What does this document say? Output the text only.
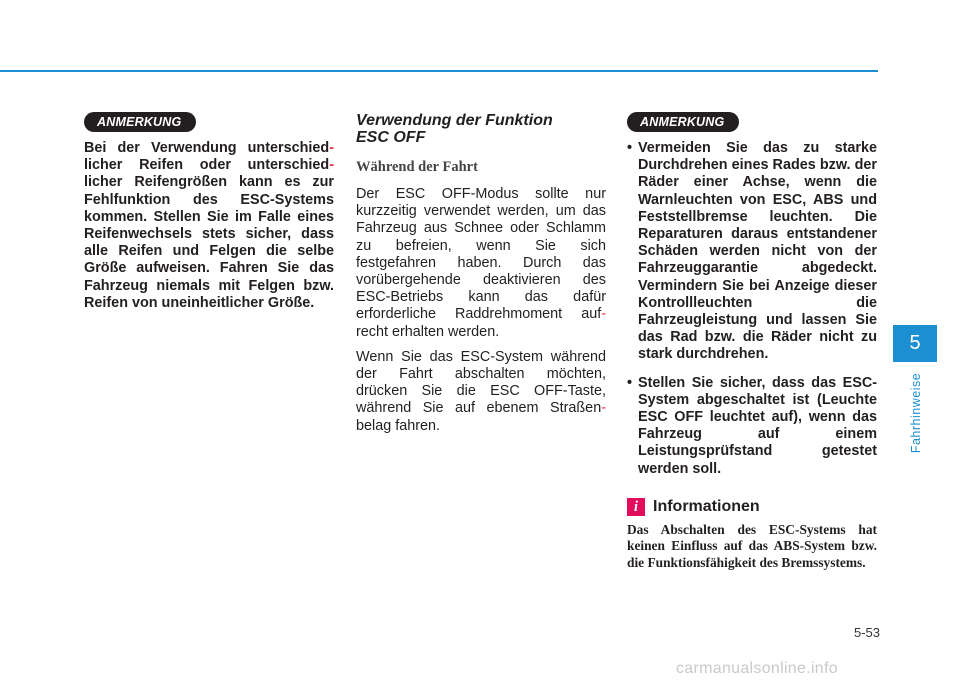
ANMERKUNG

Bei der Verwendung unterschied- licher Reifen oder unterschied- licher Reifengrößen kann es zur Fehlfunktion des ESC-Systems kommen. Stellen Sie im Falle eines Reifenwechsels stets sicher, dass alle Reifen und Felgen die selbe Größe aufweisen. Fahren Sie das Fahrzeug niemals mit Felgen bzw. Reifen von uneinheitlicher Größe.

Verwendung der Funktion
ESC OFF
Während der Fahrt

Der ESC OFF-Modus sollte nur kurzzeitig verwendet werden, um das Fahrzeug aus Schnee oder Schlamm zu befreien, wenn Sie sich festgefahren haben. Durch das vorübergehende deaktivieren des ESC-Betriebs kann das dafür erforderliche Raddrehmoment auf- recht erhalten werden.

Wenn Sie das ESC-System während der Fahrt abschalten möchten, drücken Sie die ESC OFF-Taste, während Sie auf ebenem Straßen- belag fahren.

ANMERKUNG
• Vermeiden Sie das zu starke Durchdrehen eines Rades bzw. der Räder einer Achse, wenn die Warnleuchten von ESC, ABS und Feststellbremse leuchten. Die Reparaturen daraus entstandener Schäden werden nicht von der Fahrzeuggarantie abgedeckt. Vermindern Sie bei Anzeige dieser Kontrollleuchten die Fahrzeugleistung und lassen Sie das Rad bzw. die Räder nicht zu stark durchdrehen.
• Stellen Sie sicher, dass das ESC-System abgeschaltet ist (Leuchte ESC OFF leuchtet auf), wenn das Fahrzeug auf einem Leistungsprüfstand getestet werden soll.
i Informationen

Das Abschalten des ESC-Systems hat keinen Einfluss auf das ABS-System bzw. die Funktionsfähigkeit des Bremssystems.

5
Fahrhinweise
5-53
carmanualsonline.info
